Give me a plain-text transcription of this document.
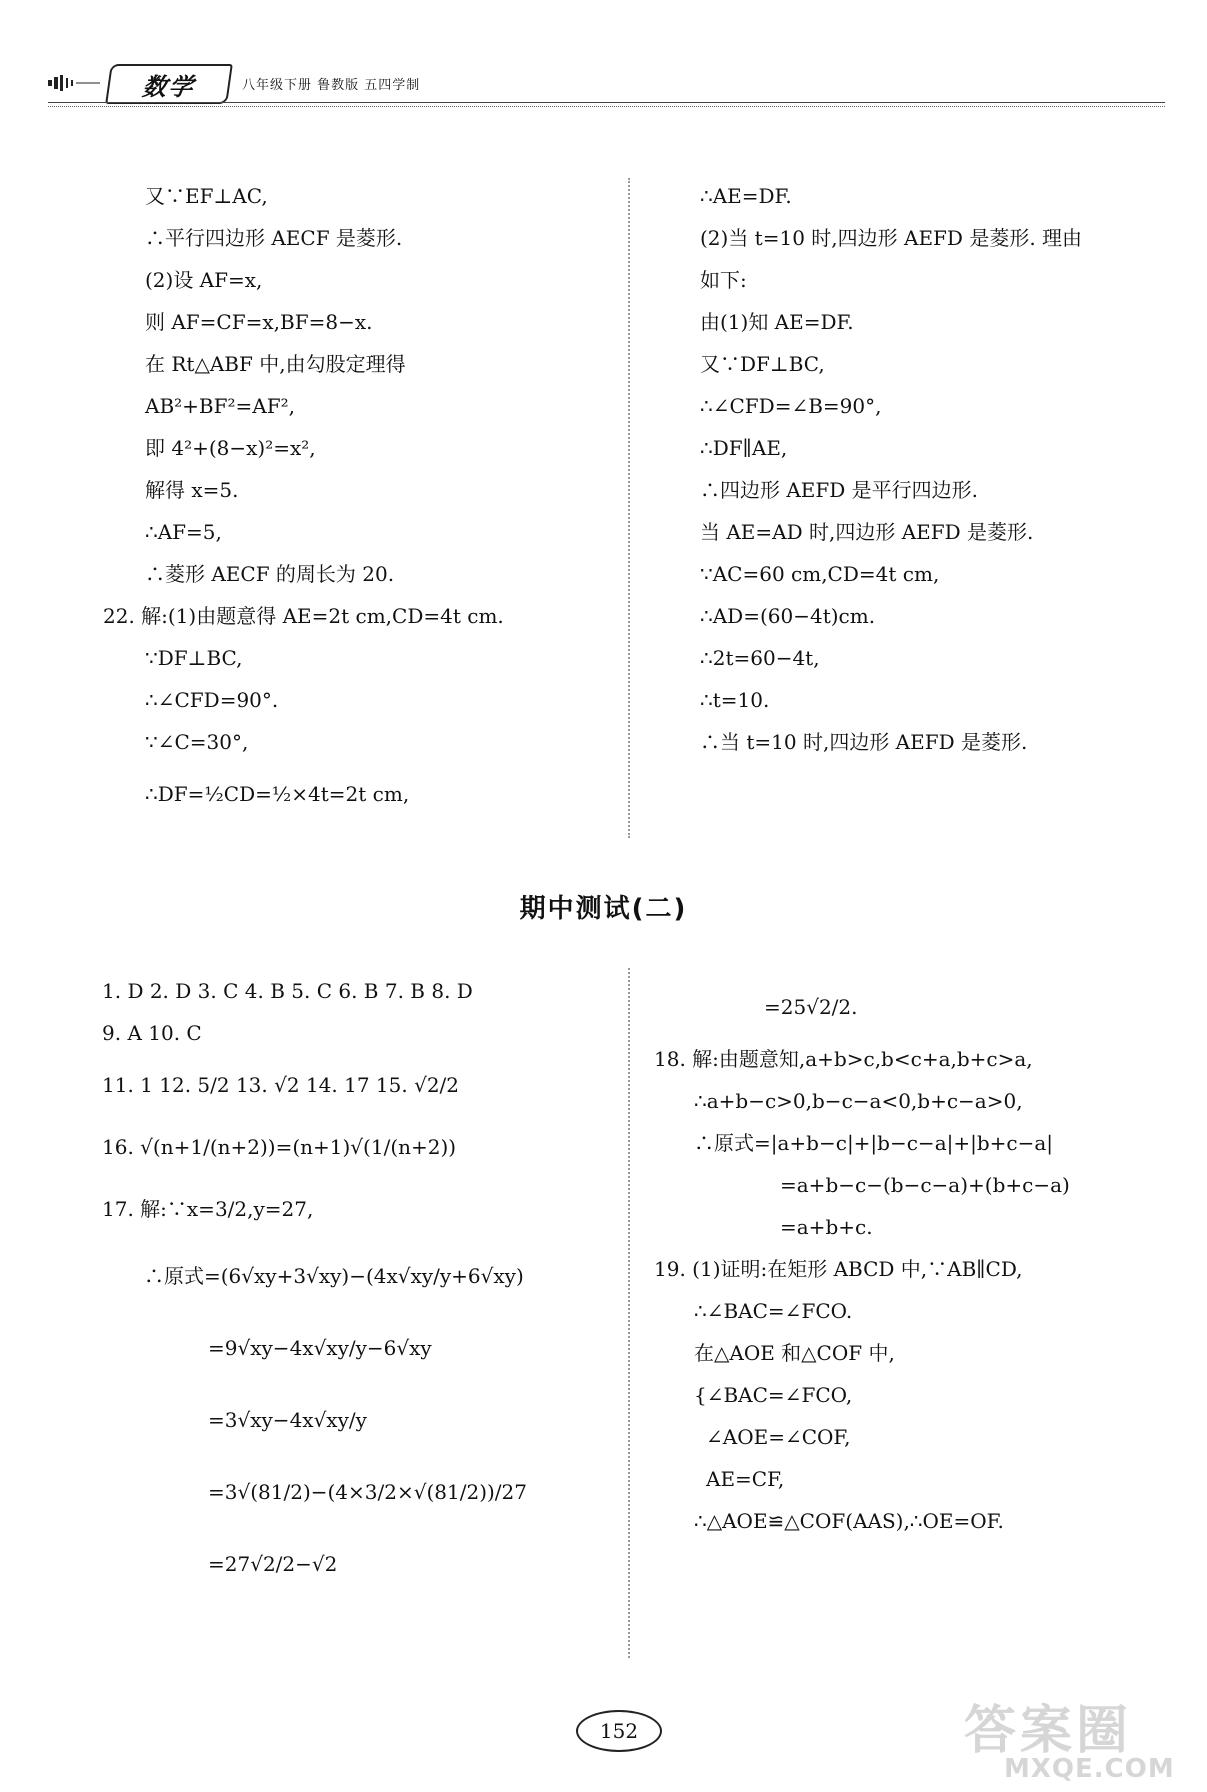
数学	八年级下册 鲁教版 五四学制
又∵EF⊥AC,
∴平行四边形 AECF 是菱形.
(2)设 AF=x,
则 AF=CF=x,BF=8−x.
在 Rt△ABF 中,由勾股定理得
AB²+BF²=AF²,
即 4²+(8−x)²=x²,
解得 x=5.
∴AF=5,
∴菱形 AECF 的周长为 20.
22. 解:(1)由题意得 AE=2t cm,CD=4t cm.
∵DF⊥BC,
∴∠CFD=90°.
∵∠C=30°,
∴DF=½CD=½×4t=2t cm,
∴AE=DF.
(2)当 t=10 时,四边形 AEFD 是菱形. 理由
如下:
由(1)知 AE=DF.
又∵DF⊥BC,
∴∠CFD=∠B=90°,
∴DF∥AE,
∴四边形 AEFD 是平行四边形.
当 AE=AD 时,四边形 AEFD 是菱形.
∵AC=60 cm,CD=4t cm,
∴AD=(60−4t)cm.
∴2t=60−4t,
∴t=10.
∴当 t=10 时,四边形 AEFD 是菱形.
期中测试(二)
1. D 2. D 3. C 4. B 5. C 6. B 7. B 8. D
9. A 10. C
11. 1 12. 5/2 13. √2 14. 17 15. √2/2
16. √(n+1/(n+2))=(n+1)√(1/(n+2))
17. 解:∵x=3/2,y=27,
∴原式=(6√xy+3√xy)−(4x√xy/y+6√xy)
=9√xy−4x√xy/y−6√xy
=3√xy−4x√xy/y
=3√(81/2)−(4×3/2×√(81/2))/27
=27√2/2−√2
=25√2/2.
18. 解:由题意知,a+b>c,b<c+a,b+c>a,
∴a+b−c>0,b−c−a<0,b+c−a>0,
∴原式=|a+b−c|+|b−c−a|+|b+c−a|
=a+b−c−(b−c−a)+(b+c−a)
=a+b+c.
19. (1)证明:在矩形 ABCD 中,∵AB∥CD,
∴∠BAC=∠FCO.
在△AOE 和△COF 中,
{∠BAC=∠FCO,
∠AOE=∠COF,
AE=CF,
∴△AOE≌△COF(AAS),∴OE=OF.
152	答案圈
MXQE.COM
